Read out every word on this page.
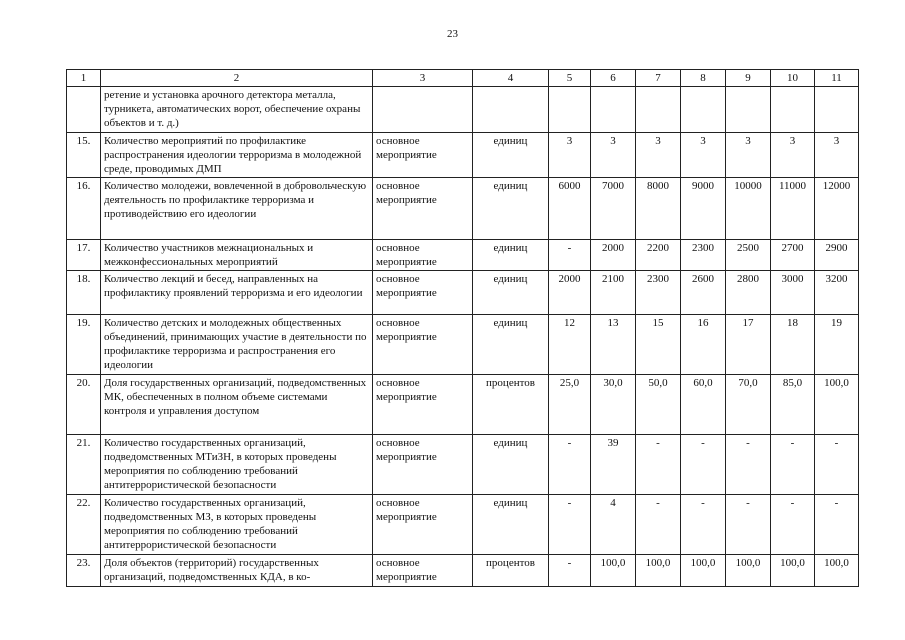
23
1	2	3	4	5	6	7	8	9	10	11
	ретение и установка арочного детектора металла, турникета, автоматических ворот, обеспечение охраны объектов и т. д.)									
15.	Количество мероприятий по профилактике распространения идеологии терроризма в молодежной среде, проводимых ДМП	основное мероприятие	единиц	3	3	3	3	3	3	3
16.	Количество молодежи, вовлеченной в добровольческую деятельность по профилактике терроризма и противодействию его идеологии	основное мероприятие	единиц	6000	7000	8000	9000	10000	11000	12000
17.	Количество участников межнациональных и межконфессиональных мероприятий	основное мероприятие	единиц	-	2000	2200	2300	2500	2700	2900
18.	Количество лекций и бесед, направленных на профилактику проявлений терроризма и его идеологии	основное мероприятие	единиц	2000	2100	2300	2600	2800	3000	3200
19.	Количество детских и молодежных общественных объединений, принимающих участие в деятельности по профилактике терроризма и распространения его идеологии	основное мероприятие	единиц	12	13	15	16	17	18	19
20.	Доля государственных организаций, подведомственных МК, обеспеченных в полном объеме системами контроля и управления доступом	основное мероприятие	процентов	25,0	30,0	50,0	60,0	70,0	85,0	100,0
21.	Количество государственных организаций, подведомственных МТиЗН, в которых проведены мероприятия по соблюдению требований антитеррористической безопасности	основное мероприятие	единиц	-	39	-	-	-	-	-
22.	Количество государственных организаций, подведомственных МЗ, в которых проведены мероприятия по соблюдению требований антитеррористической безопасности	основное мероприятие	единиц	-	4	-	-	-	-	-
23.	Доля объектов (территорий) государственных организаций, подведомственных КДА, в ко-	основное мероприятие	процентов	-	100,0	100,0	100,0	100,0	100,0	100,0
